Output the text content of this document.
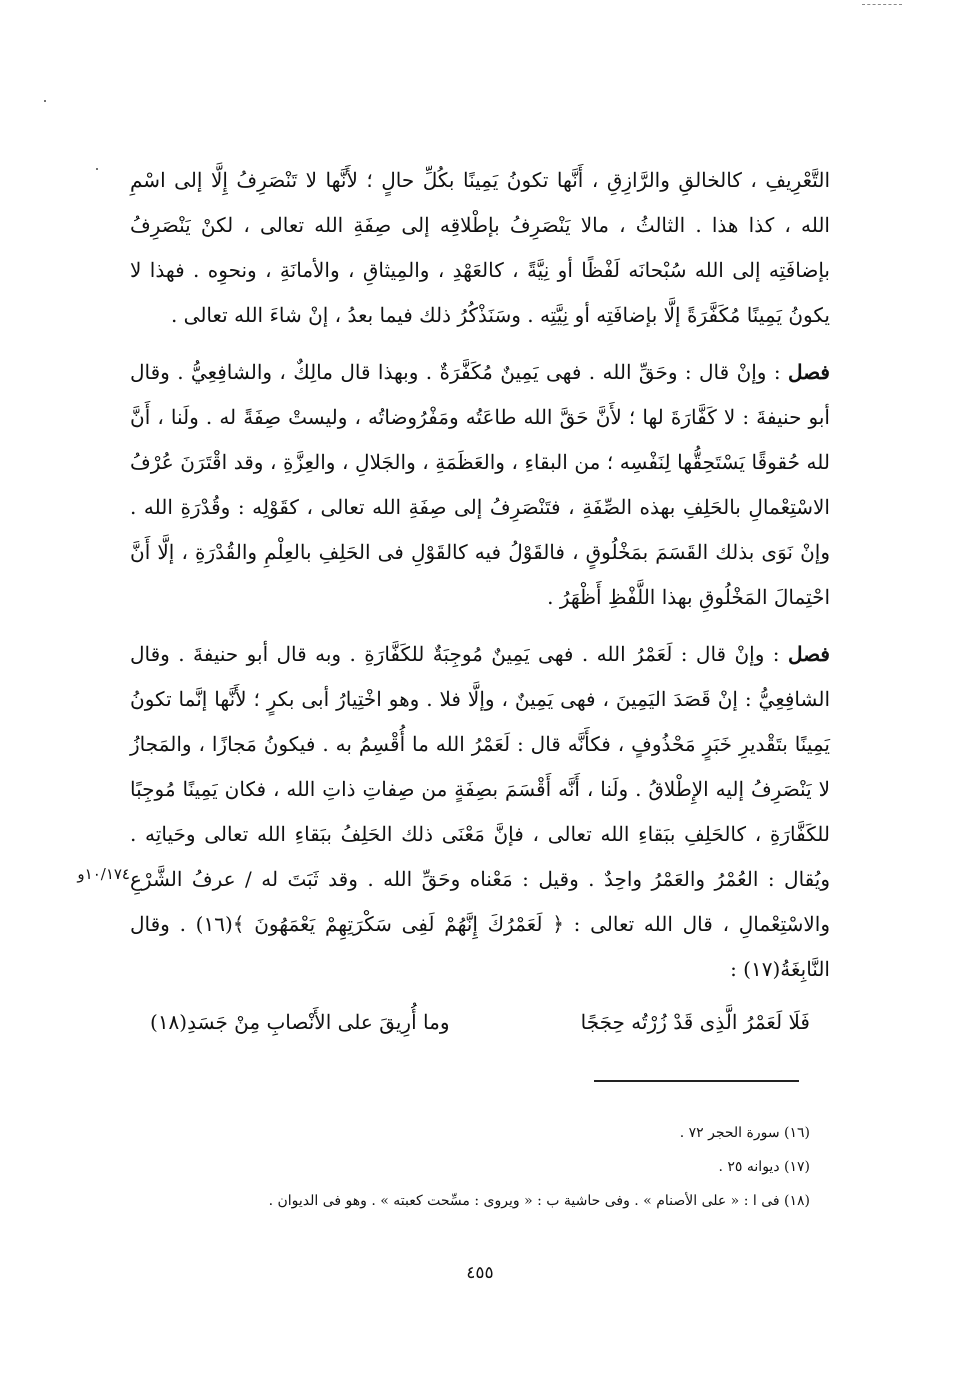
التَّعْرِيفِ ، كالخالقِ والرَّازِقِ ، أَنَّها تكونُ يَمِينًا بكُلِّ حالٍ ؛ لأَنَّها لا تَنْصَرِفُ إِلَّا إلى اسْمِ الله ، كذا هذا . الثالثُ ، مالا يَنْصَرِفُ بإطْلاقِه إلى صِفَةِ الله تعالى ، لكنْ يَنْصَرِفُ بإضافَتِه إلى الله سُبْحانَه لَفْظًا أو نِيَّةً ، كالعَهْدِ ، والمِيثاقِ ، والأمانَةِ ، ونحوِه . فهذا لا يكونُ يَمِينًا مُكَفَّرَةً إلَّا بإضافَتِه أو نِيَّتِه . وسَنَذْكُرُ ذلك فيما بعدُ ، إنْ شاءَ الله تعالى .

فصل : وإنْ قال : وحَقِّ الله . فهى يَمِينٌ مُكَفَّرَةٌ . وبهذا قال مالِكٌ ، والشافِعِيُّ . وقال أبو حنيفةَ : لا كَفَّارَةَ لها ؛ لأَنَّ حَقَّ الله طاعَتُه ومَفْرُوضاتُه ، وليستْ صِفَةً له . ولَنا ، أَنَّ لله حُقوقًا يَسْتَحِقُّها لِنَفْسِه ؛ من البقاءِ ، والعَظَمَةِ ، والجَلالِ ، والعِزَّةِ ، وقد اقْتَرَنَ عُرْفُ الاسْتِعْمالِ بالحَلِفِ بهذه الصِّفَةِ ، فتَنْصَرِفُ إلى صِفَةِ الله تعالى ، كقَوْلِه : وقُدْرَةِ الله . وإنْ نَوَى بذلك القَسَمَ بمَخْلُوقٍ ، فالقَوْلُ فيه كالقَوْلِ فى الحَلِفِ بالعِلْمِ والقُدْرَةِ ، إلَّا أَنَّ احْتِمالَ المَخْلُوقِ بهذا اللَّفْظِ أَظْهَرُ .

فصل : وإنْ قال : لَعَمْرُ الله . فهى يَمِينٌ مُوجِبَةٌ للكَفَّارَةِ . وبه قال أبو حنيفةَ . وقال الشافِعِيُّ : إنْ قَصَدَ اليَمِينَ ، فهى يَمِينٌ ، وإلَّا فلا . وهو اخْتِيارُ أبى بكرٍ ؛ لأَنَّها إنَّما تكونُ يَمِينًا بتَقْديرِ خَبَرٍ مَحْذُوفٍ ، فكأَنَّه قال : لَعَمْرُ الله ما أُقْسِمُ به . فيكونُ مَجازًا ، والمَجازُ لا يَنْصَرِفُ إليه الإِطْلاقُ . ولَنا ، أَنَّه أَقْسَمَ بصِفَةٍ من صِفاتِ ذاتِ الله ، فكان يَمِينًا مُوجِبًا للكَفَّارَةِ ، كالحَلِفِ ببَقاءِ الله تعالى ، فإنَّ مَعْنَى ذلك الحَلِفُ ببَقاءِ الله تعالى وحَياتِه . ويُقال : العُمْرُ والعَمْرُ واحِدٌ . وقيل : مَعْناه وحَقِّ الله . وقد ثَبَتَ له / عرفُ الشَّرْعِ والاسْتِعْمالِ ، قال الله تعالى : ﴿ لَعَمْرُكَ إِنَّهُمْ لَفِى سَكْرَتِهِمْ يَعْمَهُونَ ﴾(١٦) . وقال النَّابِغَةُ(١٧) :

١٠/١٧٤و
فَلَا لَعَمْرُ الَّذِى قَدْ زُرْتُه حِجَجًا
وما أُرِيقَ على الأَنْصابِ مِنْ جَسَدِ(١٨)

(١٦) سورة الحجر ٧٢ .

(١٧) ديوانه ٢٥ .

(١٨) فى ا : « على الأصنام » . وفى حاشية ب : « ويروى : مسِّحت كعبته » . وهو فى الديوان .

٤٥٥
